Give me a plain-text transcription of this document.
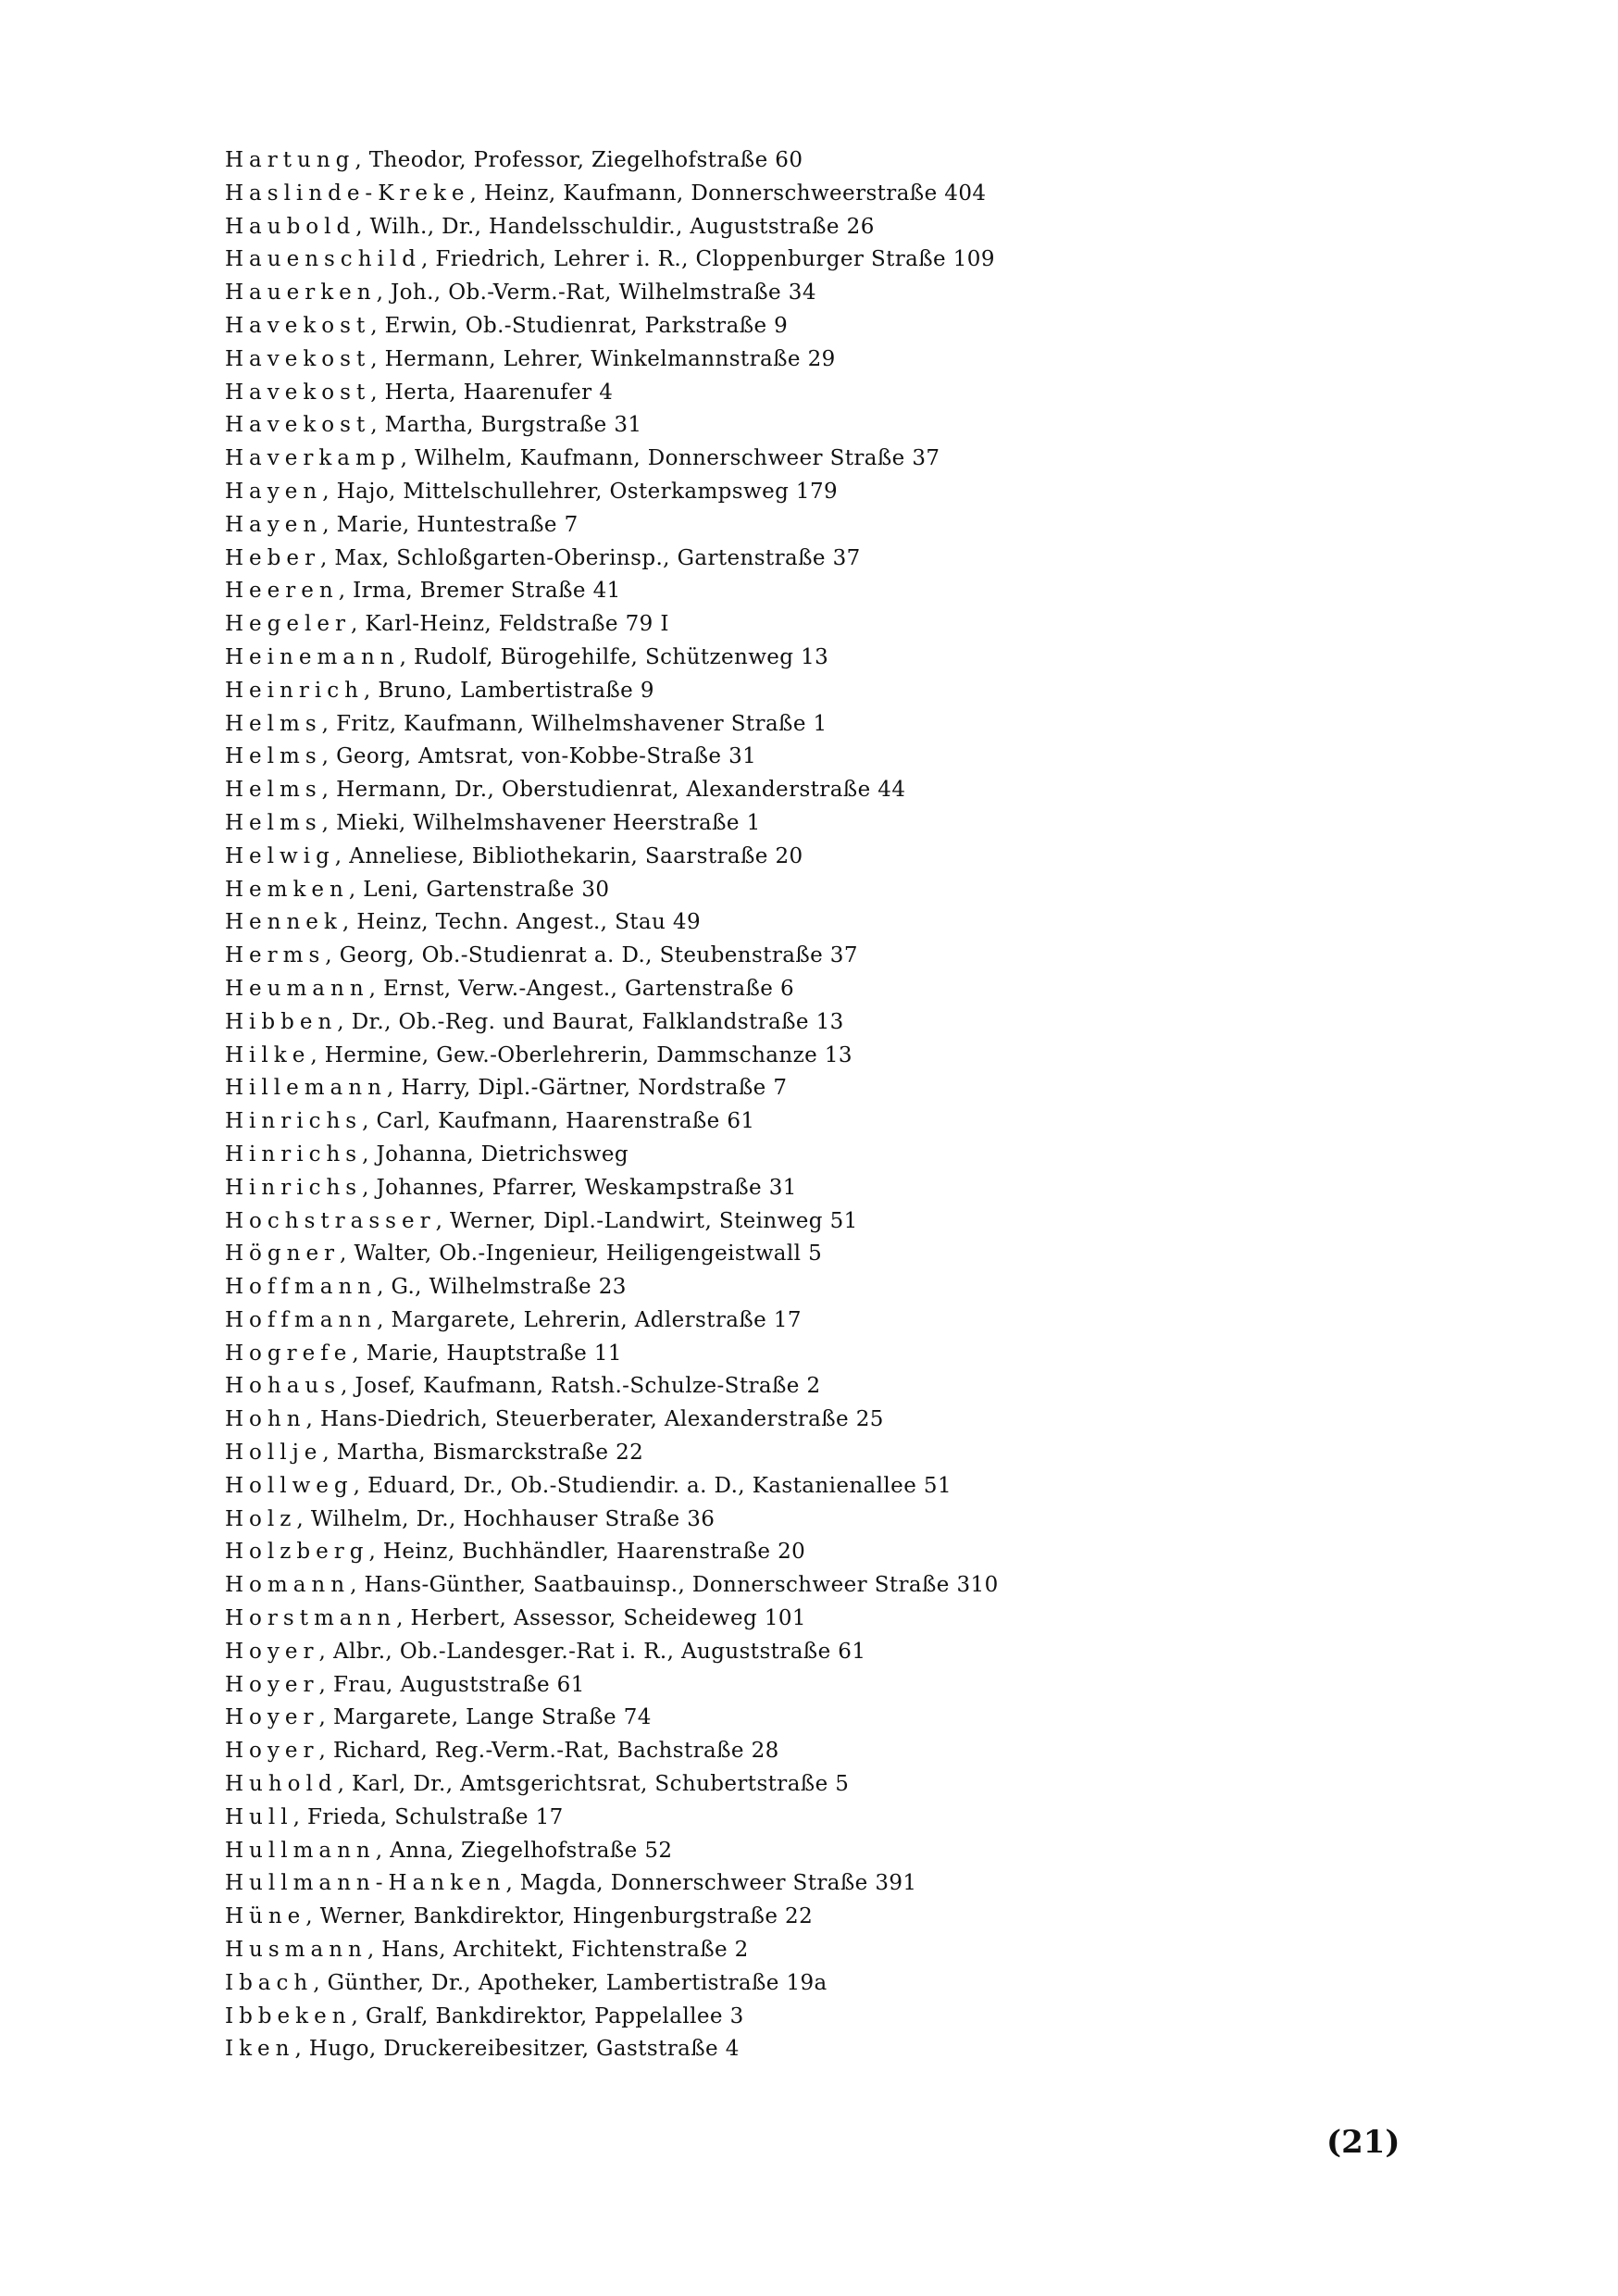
Hartung, Theodor, Professor, Ziegelhofstraße 60
Haslinde-Kreke, Heinz, Kaufmann, Donnerschweerstraße 404
Haubold, Wilh., Dr., Handelsschuldir., Auguststraße 26
Hauenschild, Friedrich, Lehrer i. R., Cloppenburger Straße 109
Hauerken, Joh., Ob.-Verm.-Rat, Wilhelmstraße 34
Havekost, Erwin, Ob.-Studienrat, Parkstraße 9
Havekost, Hermann, Lehrer, Winkelmannstraße 29
Havekost, Herta, Haarenufer 4
Havekost, Martha, Burgstraße 31
Haverkamp, Wilhelm, Kaufmann, Donnerschweer Straße 37
Hayen, Hajo, Mittelschullehrer, Osterkampsweg 179
Hayen, Marie, Huntestraße 7
Heber, Max, Schloßgarten-Oberinsp., Gartenstraße 37
Heeren, Irma, Bremer Straße 41
Hegeler, Karl-Heinz, Feldstraße 79 I
Heinemann, Rudolf, Bürogehilfe, Schützenweg 13
Heinrich, Bruno, Lambertistraße 9
Helms, Fritz, Kaufmann, Wilhelmshavener Straße 1
Helms, Georg, Amtsrat, von-Kobbe-Straße 31
Helms, Hermann, Dr., Oberstudienrat, Alexanderstraße 44
Helms, Mieki, Wilhelmshavener Heerstraße 1
Helwig, Anneliese, Bibliothekarin, Saarstraße 20
Hemken, Leni, Gartenstraße 30
Hennek, Heinz, Techn. Angest., Stau 49
Herms, Georg, Ob.-Studienrat a. D., Steubenstraße 37
Heumann, Ernst, Verw.-Angest., Gartenstraße 6
Hibben, Dr., Ob.-Reg. und Baurat, Falklandstraße 13
Hilke, Hermine, Gew.-Oberlehrerin, Dammschanze 13
Hillemann, Harry, Dipl.-Gärtner, Nordstraße 7
Hinrichs, Carl, Kaufmann, Haarenstraße 61
Hinrichs, Johanna, Dietrichsweg
Hinrichs, Johannes, Pfarrer, Weskampstraße 31
Hochstrasser, Werner, Dipl.-Landwirt, Steinweg 51
Högner, Walter, Ob.-Ingenieur, Heiligengeistwall 5
Hoffmann, G., Wilhelmstraße 23
Hoffmann, Margarete, Lehrerin, Adlerstraße 17
Hogrefe, Marie, Hauptstraße 11
Hohaus, Josef, Kaufmann, Ratsh.-Schulze-Straße 2
Hohn, Hans-Diedrich, Steuerberater, Alexanderstraße 25
Hollje, Martha, Bismarckstraße 22
Hollweg, Eduard, Dr., Ob.-Studiendir. a. D., Kastanienallee 51
Holz, Wilhelm, Dr., Hochhauser Straße 36
Holzberg, Heinz, Buchhändler, Haarenstraße 20
Homann, Hans-Günther, Saatbauinsp., Donnerschweer Straße 310
Horstmann, Herbert, Assessor, Scheideweg 101
Hoyer, Albr., Ob.-Landesger.-Rat i. R., Auguststraße 61
Hoyer, Frau, Auguststraße 61
Hoyer, Margarete, Lange Straße 74
Hoyer, Richard, Reg.-Verm.-Rat, Bachstraße 28
Huhold, Karl, Dr., Amtsgerichtsrat, Schubertstraße 5
Hull, Frieda, Schulstraße 17
Hullmann, Anna, Ziegelhofstraße 52
Hullmann-Hanken, Magda, Donnerschweer Straße 391
Hüne, Werner, Bankdirektor, Hingenburgstraße 22
Husmann, Hans, Architekt, Fichtenstraße 2
Ibach, Günther, Dr., Apotheker, Lambertistraße 19a
Ibbeken, Gralf, Bankdirektor, Pappelallee 3
Iken, Hugo, Druckereibesitzer, Gaststraße 4
(21)
